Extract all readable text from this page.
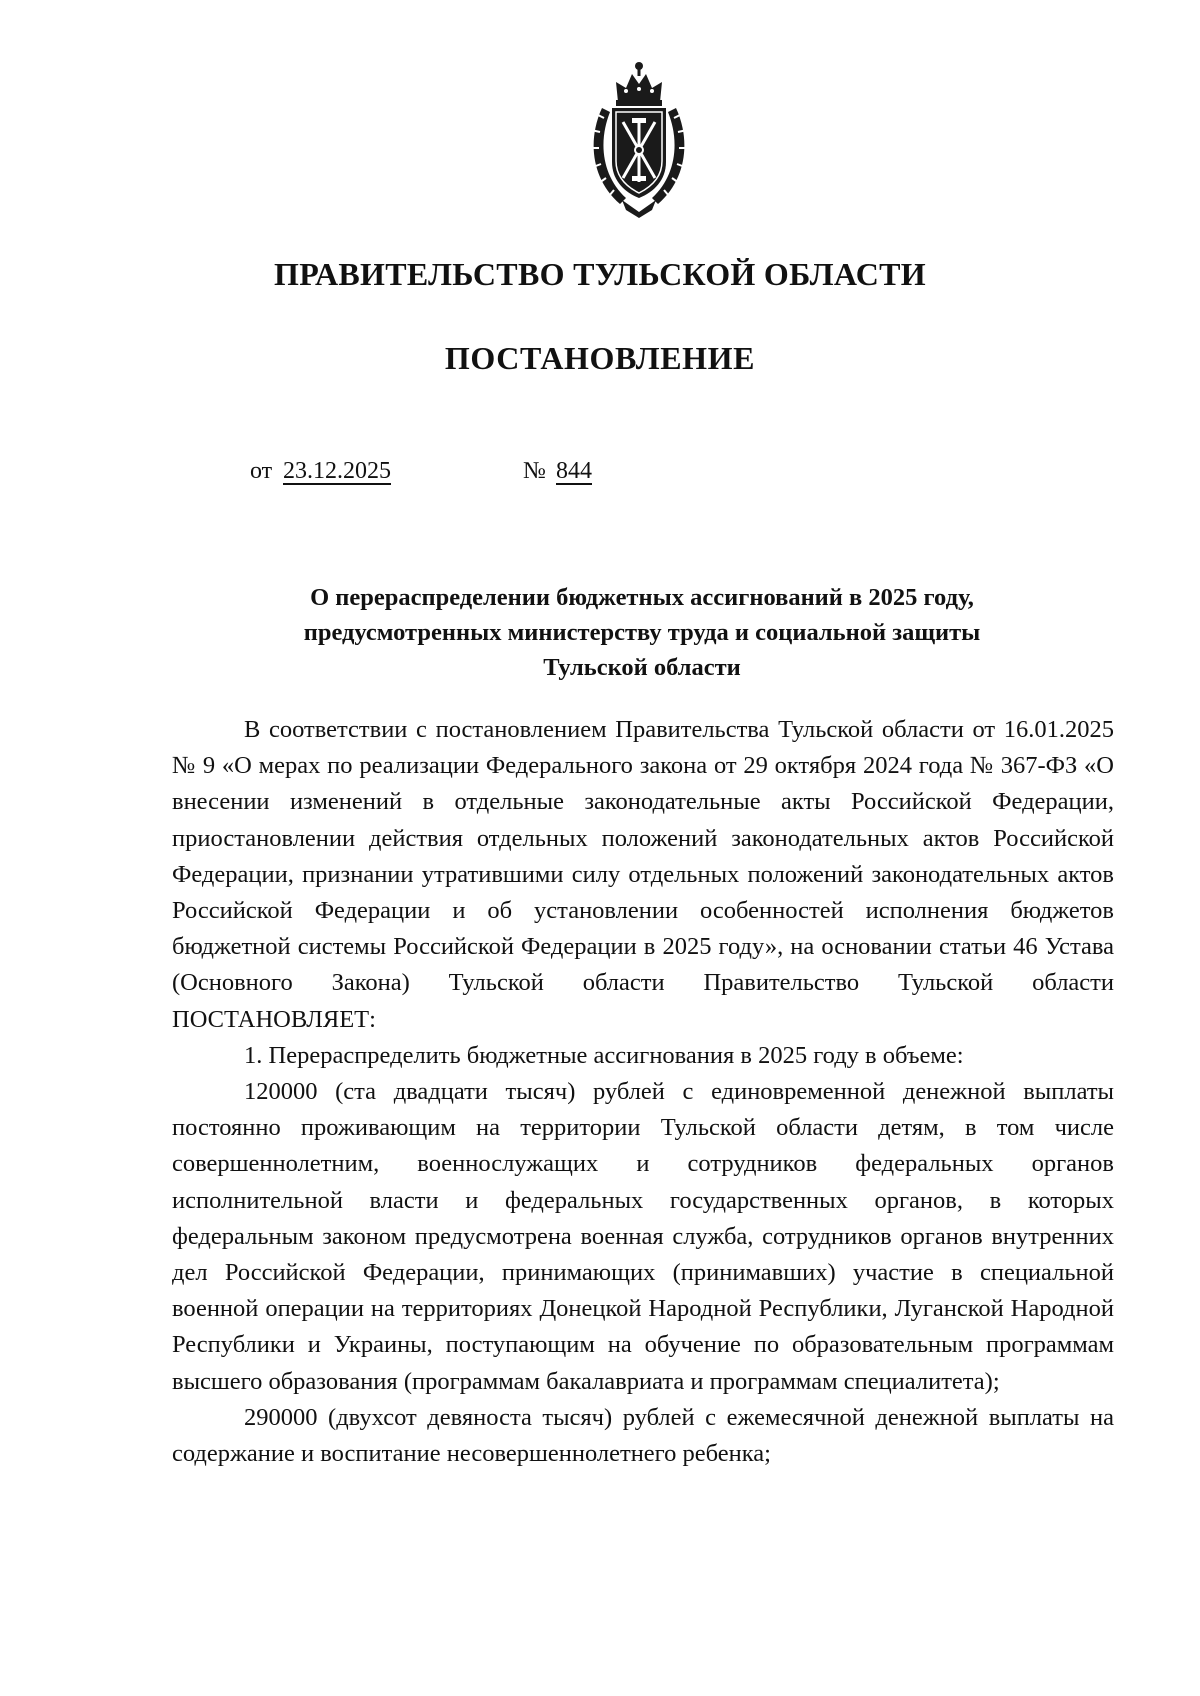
ПРАВИТЕЛЬСТВО ТУЛЬСКОЙ ОБЛАСТИ
ПОСТАНОВЛЕНИЕ
от 23.12.2025	№ 844
О перераспределении бюджетных ассигнований в 2025 году,
предусмотренных министерству труда и социальной защиты
Тульской области

В соответствии с постановлением Правительства Тульской области от 16.01.2025 № 9 «О мерах по реализации Федерального закона от 29 октября 2024 года № 367-ФЗ «О внесении изменений в отдельные законодательные акты Российской Федерации, приостановлении действия отдельных положений законодательных актов Российской Федерации, признании утратившими силу отдельных положений законодательных актов Российской Федерации и об установлении особенностей исполнения бюджетов бюджетной системы Российской Федерации в 2025 году», на основании статьи 46 Устава (Основного Закона) Тульской области Правительство Тульской области ПОСТАНОВЛЯЕТ:

1. Перераспределить бюджетные ассигнования в 2025 году в объеме:

120000 (ста двадцати тысяч) рублей с единовременной денежной выплаты постоянно проживающим на территории Тульской области детям, в том числе совершеннолетним, военнослужащих и сотрудников федеральных органов исполнительной власти и федеральных государственных органов, в которых федеральным законом предусмотрена военная служба, сотрудников органов внутренних дел Российской Федерации, принимающих (принимавших) участие в специальной военной операции на территориях Донецкой Народной Республики, Луганской Народной Республики и Украины, поступающим на обучение по образовательным программам высшего образования (программам бакалавриата и программам специалитета);

290000 (двухсот девяноста тысяч) рублей с ежемесячной денежной выплаты на содержание и воспитание несовершеннолетнего ребенка;
